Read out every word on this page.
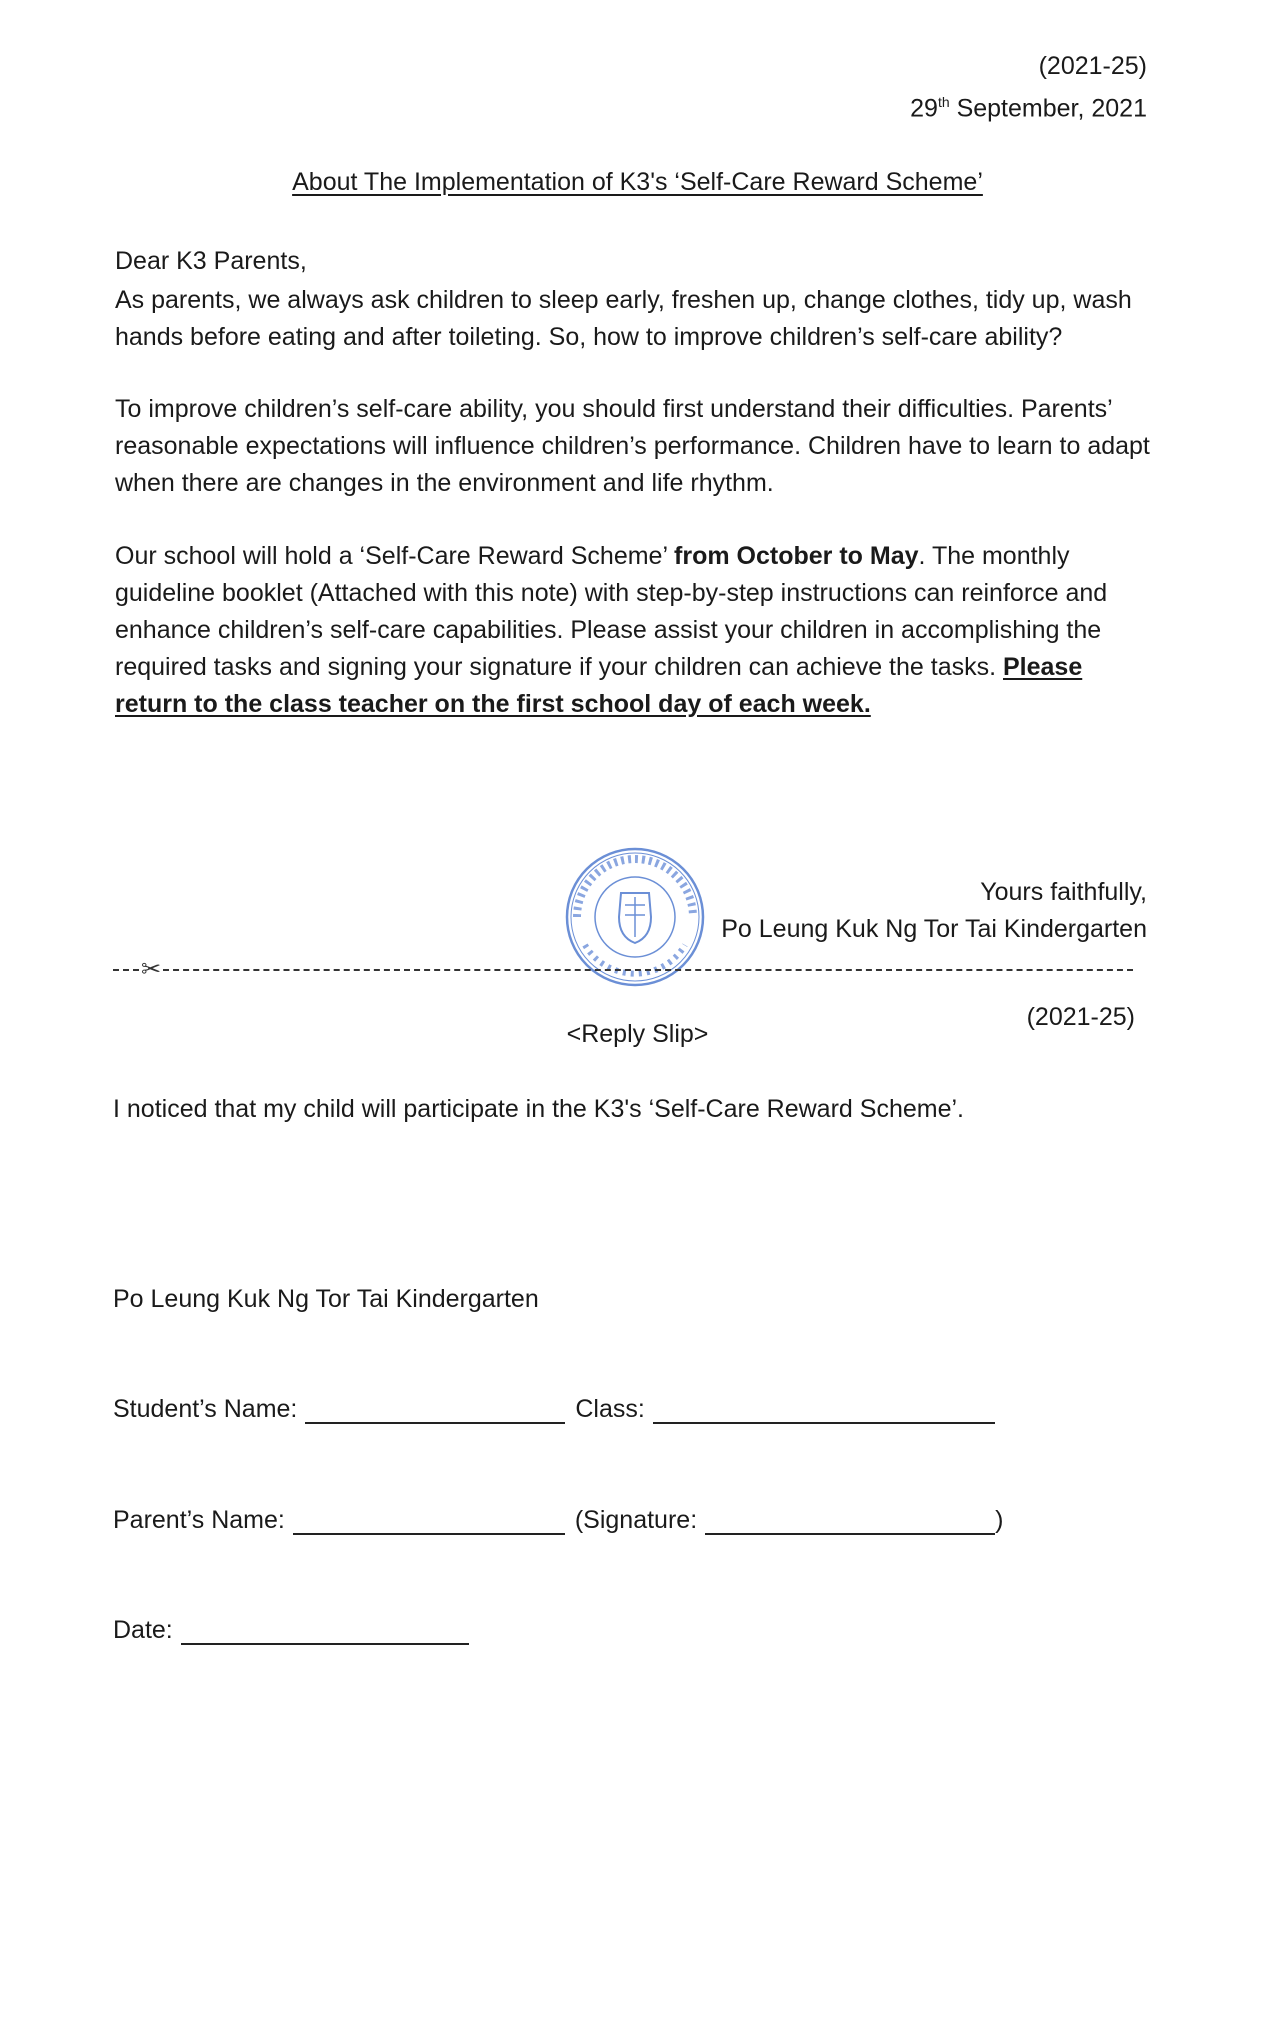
(2021-25)
29th September, 2021
About The Implementation of K3's ‘Self-Care Reward Scheme’
Dear K3 Parents,
As parents, we always ask children to sleep early, freshen up, change clothes, tidy up, wash hands before eating and after toileting. So, how to improve children’s self-care ability?
To improve children’s self-care ability, you should first understand their difficulties. Parents’ reasonable expectations will influence children’s performance. Children have to learn to adapt when there are changes in the environment and life rhythm.
Our school will hold a ‘Self-Care Reward Scheme’ from October to May. The monthly guideline booklet (Attached with this note) with step-by-step instructions can reinforce and enhance children’s self-care capabilities. Please assist your children in accomplishing the required tasks and signing your signature if your children can achieve the tasks. Please return to the class teacher on the first school day of each week.
Yours faithfully,
Po Leung Kuk Ng Tor Tai Kindergarten
✂
(2021-25)
<Reply Slip>
I noticed that my child will participate in the K3's ‘Self-Care Reward Scheme’.
Po Leung Kuk Ng Tor Tai Kindergarten
Student’s Name:	Class:
Parent’s Name:	(Signature:	)
Date:
